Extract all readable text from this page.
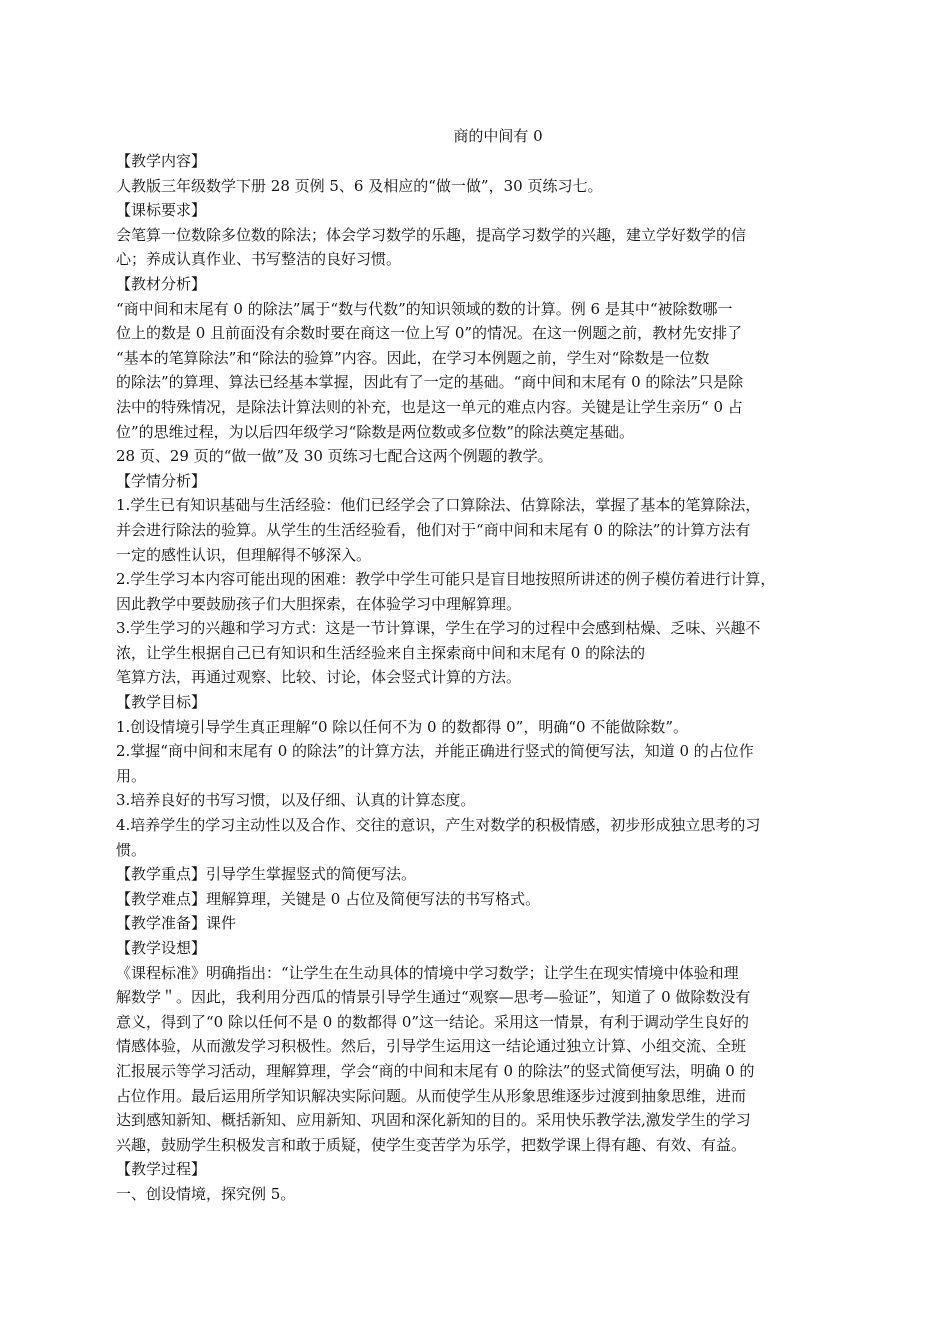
商的中间有 0
【教学内容】
人教版三年级数学下册 28 页例 5、6 及相应的“做一做”，30 页练习七。
【课标要求】
会笔算一位数除多位数的除法；体会学习数学的乐趣，提高学习数学的兴趣，建立学好数学的信
心；养成认真作业、书写整洁的良好习惯。
【教材分析】
“商中间和末尾有 0 的除法”属于“数与代数”的知识领域的数的计算。例 6 是其中“被除数哪一
位上的数是 0 且前面没有余数时要在商这一位上写 0”的情况。在这一例题之前，教材先安排了
“基本的笔算除法”和“除法的验算”内容。因此，在学习本例题之前，学生对“除数是一位数
的除法”的算理、算法已经基本掌握，因此有了一定的基础。“商中间和末尾有 0 的除法”只是除
法中的特殊情况，是除法计算法则的补充，也是这一单元的难点内容。关键是让学生亲历“ 0 占
位”的思维过程，为以后四年级学习“除数是两位数或多位数”的除法奠定基础。
28 页、29 页的“做一做”及 30 页练习七配合这两个例题的教学。
【学情分析】
1.学生已有知识基础与生活经验：他们已经学会了口算除法、估算除法，掌握了基本的笔算除法，
并会进行除法的验算。从学生的生活经验看，他们对于“商中间和末尾有 0 的除法”的计算方法有
一定的感性认识，但理解得不够深入。
2.学生学习本内容可能出现的困难：教学中学生可能只是盲目地按照所讲述的例子模仿着进行计算，
因此教学中要鼓励孩子们大胆探索，在体验学习中理解算理。
3.学生学习的兴趣和学习方式：这是一节计算课，学生在学习的过程中会感到枯燥、乏味、兴趣不
浓，让学生根据自己已有知识和生活经验来自主探索商中间和末尾有 0 的除法的
笔算方法，再通过观察、比较、讨论，体会竖式计算的方法。
【教学目标】
1.创设情境引导学生真正理解“0 除以任何不为 0 的数都得 0”，明确“0 不能做除数”。
2.掌握“商中间和末尾有 0 的除法”的计算方法，并能正确进行竖式的简便写法，知道 0 的占位作
用。
3.培养良好的书写习惯，以及仔细、认真的计算态度。
4.培养学生的学习主动性以及合作、交往的意识，产生对数学的积极情感，初步形成独立思考的习
惯。
【教学重点】引导学生掌握竖式的简便写法。
【教学难点】理解算理，关键是 0 占位及简便写法的书写格式。
【教学准备】课件
【教学设想】
《课程标准》明确指出：“让学生在生动具体的情境中学习数学；让学生在现实情境中体验和理
解数学＂。因此，我利用分西瓜的情景引导学生通过“观察—思考—验证”，知道了 0 做除数没有
意义，得到了“0 除以任何不是 0 的数都得 0”这一结论。采用这一情景，有利于调动学生良好的
情感体验，从而激发学习积极性。然后，引导学生运用这一结论通过独立计算、小组交流、全班
汇报展示等学习活动，理解算理，学会“商的中间和末尾有 0 的除法”的竖式简便写法，明确 0 的
占位作用。最后运用所学知识解决实际问题。从而使学生从形象思维逐步过渡到抽象思维，进而
达到感知新知、概括新知、应用新知、巩固和深化新知的目的。采用快乐教学法,激发学生的学习
兴趣，鼓励学生积极发言和敢于质疑，使学生变苦学为乐学，把数学课上得有趣、有效、有益。
【教学过程】
一、创设情境，探究例 5。
